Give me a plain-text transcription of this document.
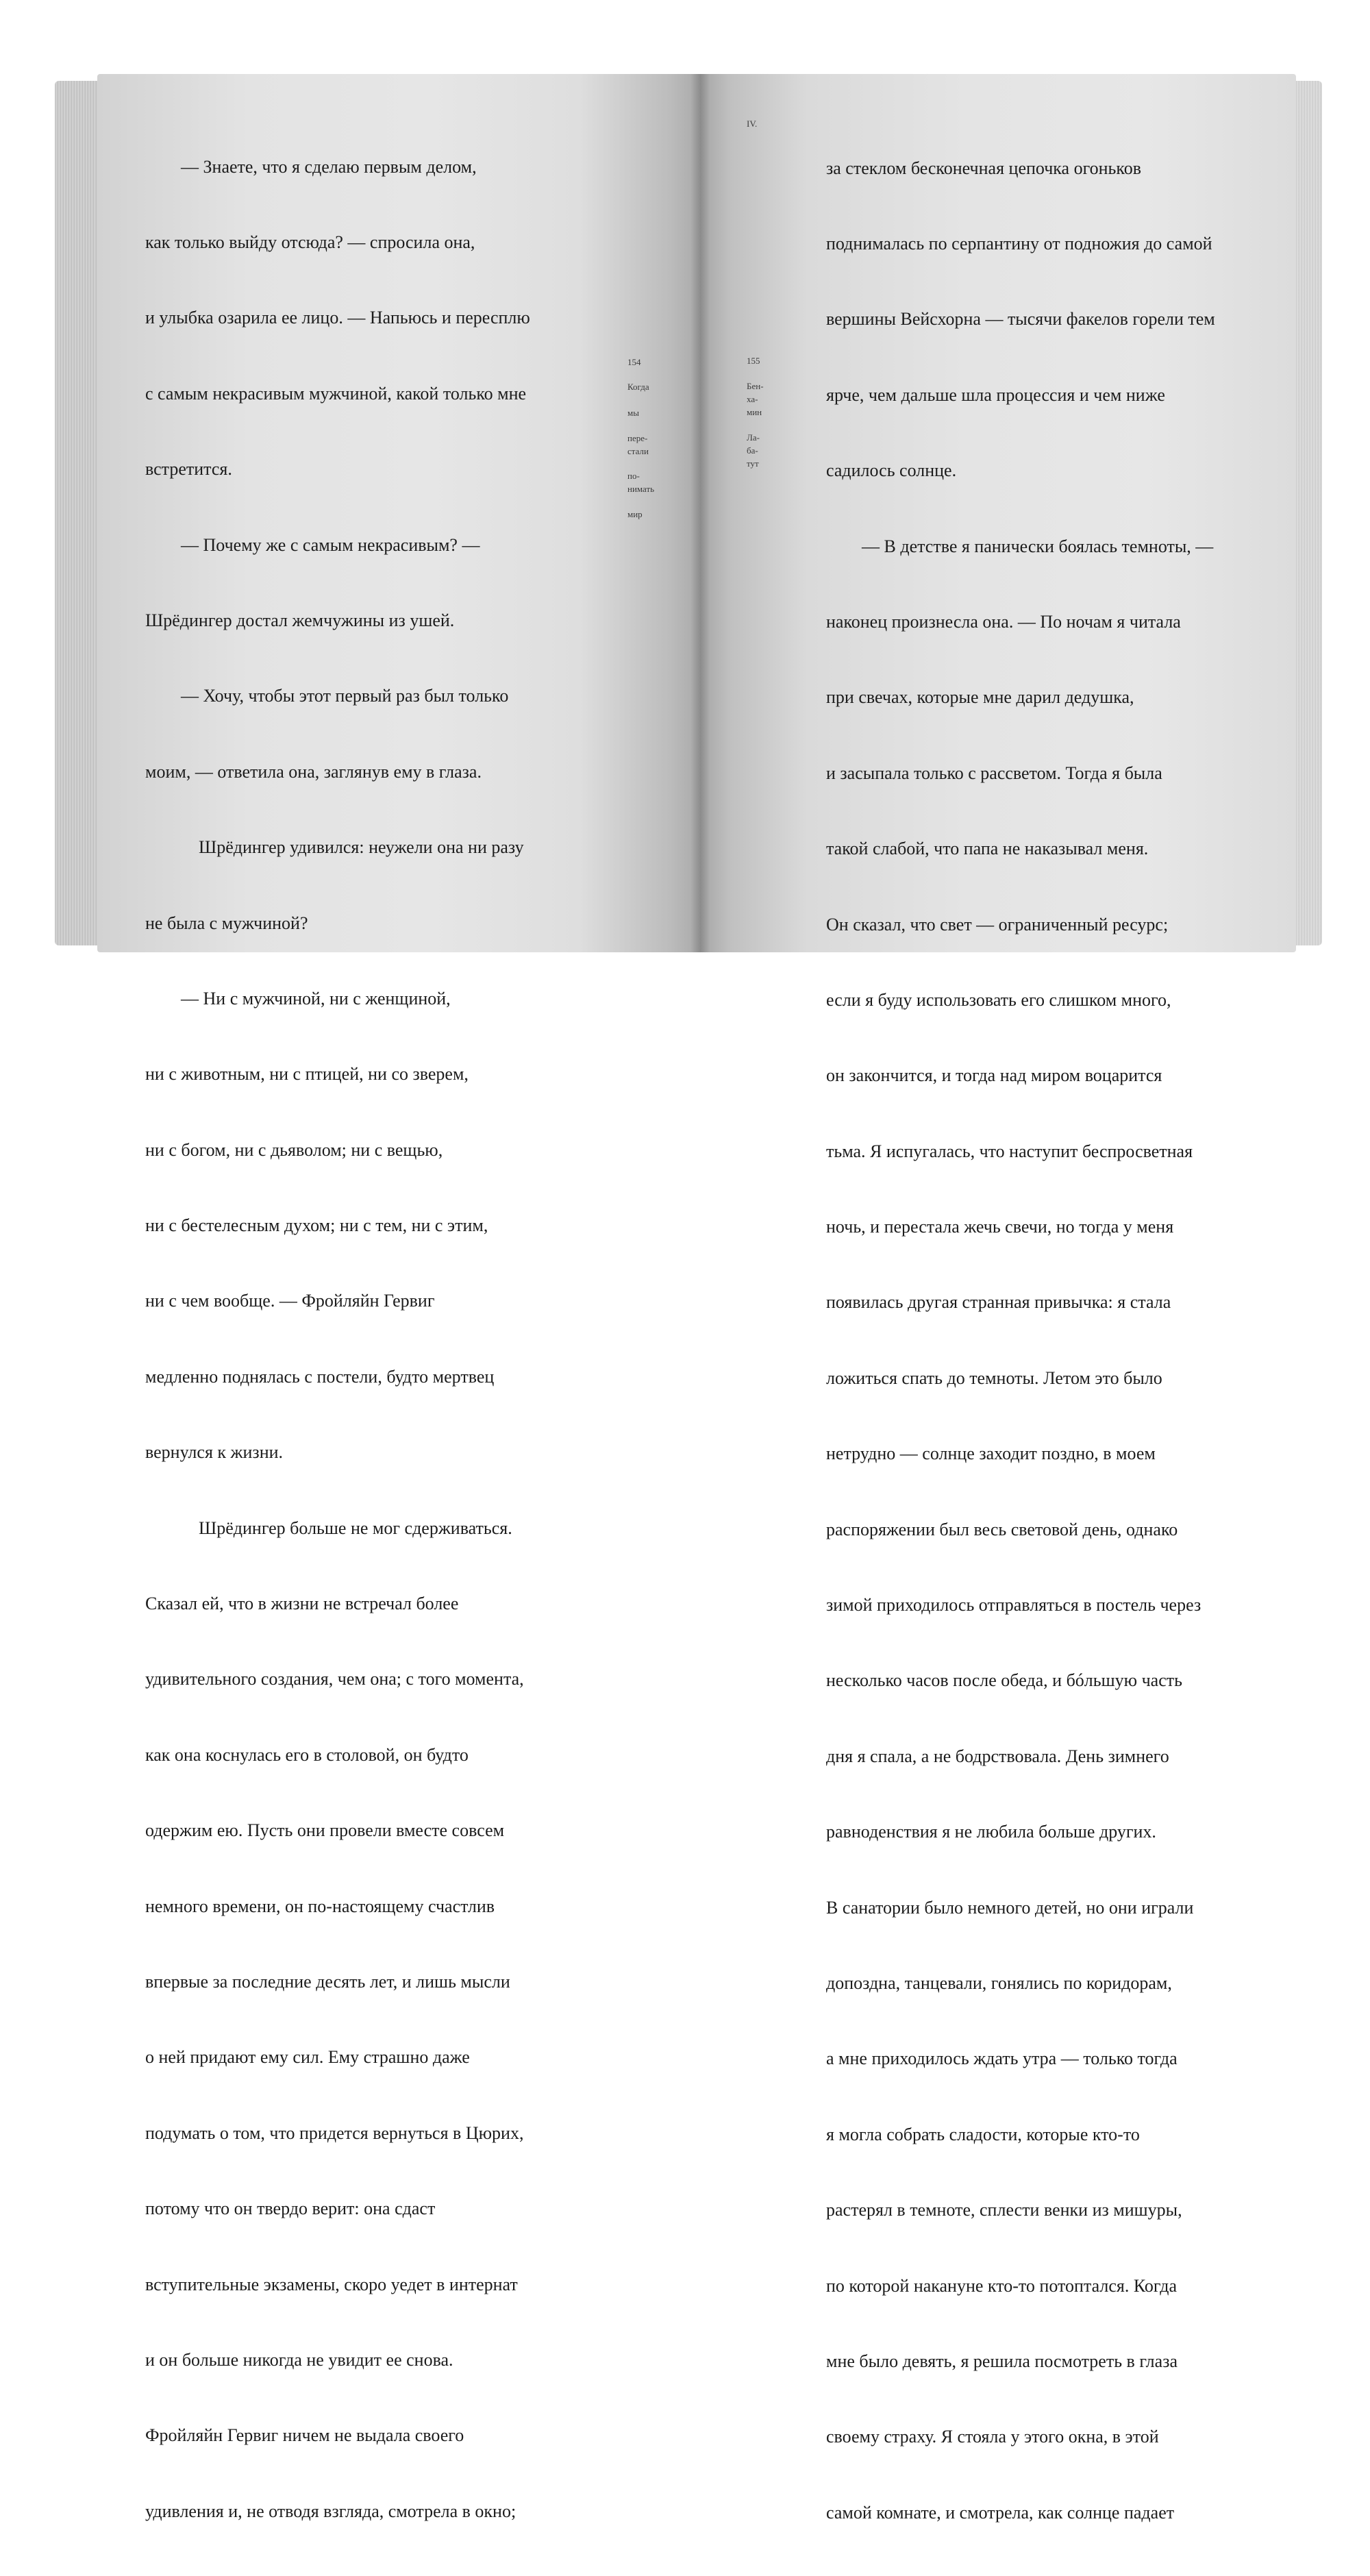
— Знаете, что я сделаю первым делом,

как только выйду отсюда? — спросила она,

и улыбка озарила ее лицо. — Напьюсь и пересплю

с самым некрасивым мужчиной, какой только мне

встретится.

— Почему же с самым некрасивым? —

Шрёдингер достал жемчужины из ушей.

— Хочу, чтобы этот первый раз был только

моим, — ответила она, заглянув ему в глаза.

Шрёдингер удивился: неужели она ни разу

не была с мужчиной?

— Ни с мужчиной, ни с женщиной,

ни с животным, ни с птицей, ни со зверем,

ни с богом, ни с дьяволом; ни с вещью,

ни с бестелесным духом; ни с тем, ни с этим,

ни с чем вообще. — Фройляйн Гервиг

медленно поднялась с постели, будто мертвец

вернулся к жизни.

Шрёдингер больше не мог сдерживаться.

Сказал ей, что в жизни не встречал более

удивительного создания, чем она; с того момента,

как она коснулась его в столовой, он будто

одержим ею. Пусть они провели вместе совсем

немного времени, он по-настоящему счастлив

впервые за последние десять лет, и лишь мысли

о ней придают ему сил. Ему страшно даже

подумать о том, что придется вернуться в Цюрих,

потому что он твердо верит: она сдаст

вступительные экзамены, скоро уедет в интернат

и он больше никогда не увидит ее снова.

Фройляйн Гервиг ничем не выдала своего

удивления и, не отводя взгляда, смотрела в окно;

154
Когда
мы
пере-
стали
по-
нимать
мир
IV.
155
Бен-
ха-
мин
Ла-
ба-
тут

за стеклом бесконечная цепочка огоньков

поднималась по серпантину от подножия до самой

вершины Вейсхорна — тысячи факелов горели тем

ярче, чем дальше шла процессия и чем ниже

садилось солнце.

— В детстве я панически боялась темноты, —

наконец произнесла она. — По ночам я читала

при свечах, которые мне дарил дедушка,

и засыпала только с рассветом. Тогда я была

такой слабой, что папа не наказывал меня.

Он сказал, что свет — ограниченный ресурс;

если я буду использовать его слишком много,

он закончится, и тогда над миром воцарится

тьма. Я испугалась, что наступит беспросветная

ночь, и перестала жечь свечи, но тогда у меня

появилась другая странная привычка: я стала

ложиться спать до темноты. Летом это было

нетрудно — солнце заходит поздно, в моем

распоряжении был весь световой день, однако

зимой приходилось отправляться в постель через

несколько часов после обеда, и бóльшую часть

дня я спала, а не бодрствовала. День зимнего

равноденствия я не любила больше других.

В санатории было немного детей, но они играли

допоздна, танцевали, гонялись по коридорам,

а мне приходилось ждать утра — только тогда

я могла собрать сладости, которые кто-то

растерял в темноте, сплести венки из мишуры,

по которой накануне кто-то потоптался. Когда

мне было девять, я решила посмотреть в глаза

своему страху. Я стояла у этого окна, в этой

самой комнате, и смотрела, как солнце падает
